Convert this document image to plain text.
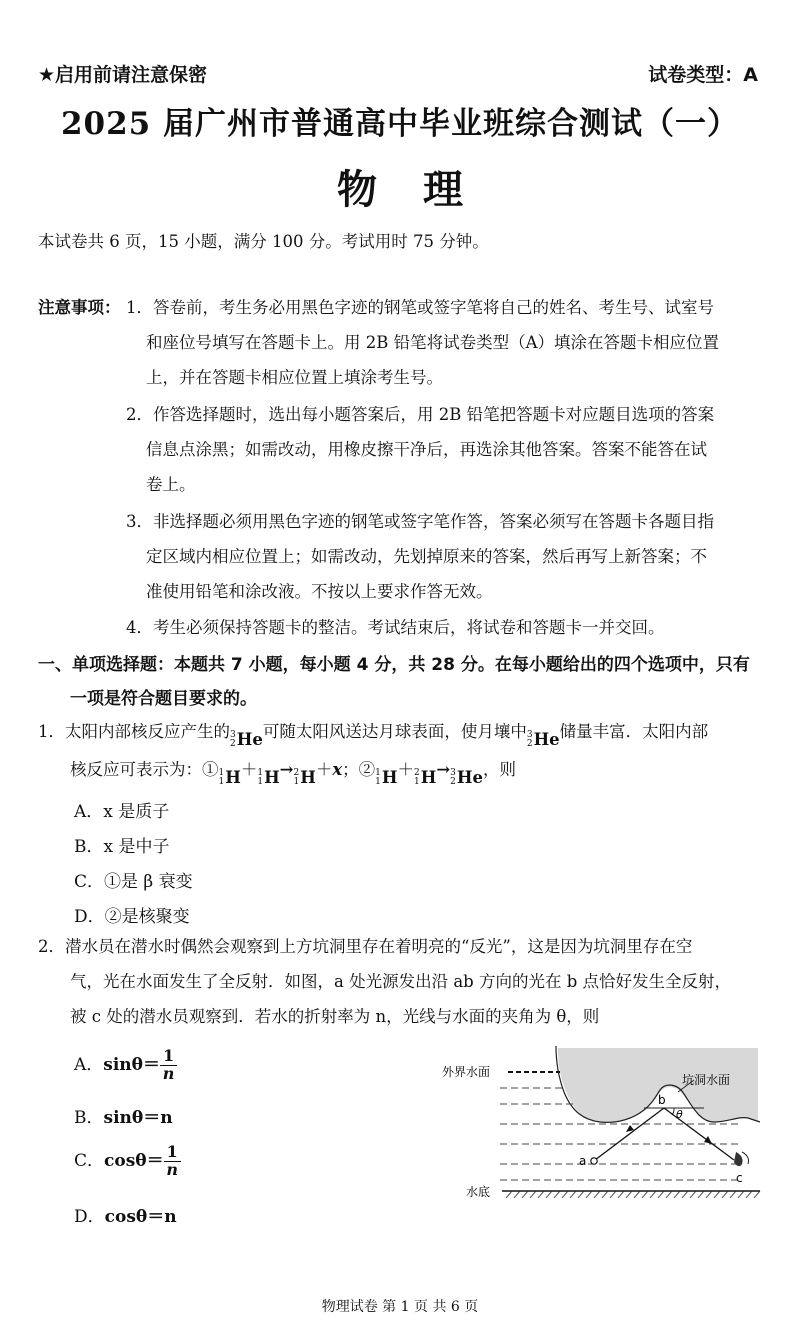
★启用前请注意保密	试卷类型：A
2025 届广州市普通高中毕业班综合测试（一）
物理
本试卷共 6 页，15 小题，满分 100 分。考试用时 75 分钟。
注意事项： 1．答卷前，考生务必用黑色字迹的钢笔或签字笔将自己的姓名、考生号、试室号
和座位号填写在答题卡上。用 2B 铅笔将试卷类型（A）填涂在答题卡相应位置
上，并在答题卡相应位置上填涂考生号。
2．作答选择题时，选出每小题答案后，用 2B 铅笔把答题卡对应题目选项的答案
信息点涂黑；如需改动，用橡皮擦干净后，再选涂其他答案。答案不能答在试
卷上。
3．非选择题必须用黑色字迹的钢笔或签字笔作答，答案必须写在答题卡各题目指
定区域内相应位置上；如需改动，先划掉原来的答案，然后再写上新答案；不
准使用铅笔和涂改液。不按以上要求作答无效。
4．考生必须保持答题卡的整洁。考试结束后，将试卷和答题卡一并交回。
一、单项选择题：本题共 7 小题，每小题 4 分，共 28 分。在每小题给出的四个选项中，只有
一项是符合题目要求的。
1．太阳内部核反应产生的 3
2 He 可随太阳风送达月球表面，使月壤中 3
2 He 储量丰富．太阳内部
核反应可表示为：① 1
1 H ＋ 1
1 H → 2
1 H ＋x；② 1
1 H ＋ 2
1 H → 3
2 He ，则
A．x 是质子
B．x 是中子
C．①是 β 衰变
D．②是核聚变
2．潜水员在潜水时偶然会观察到上方坑洞里存在着明亮的“反光”，这是因为坑洞里存在空
气，光在水面发生了全反射．如图，a 处光源发出沿 ab 方向的光在 b 点恰好发生全反射，
被 c 处的潜水员观察到．若水的折射率为 n，光线与水面的夹角为 θ，则
A．$\sin\theta= \frac{1}{n}$
B．sinθ＝n
C．$\cos\theta= \frac{1}{n}$
D．cosθ＝n
外界水面
坑洞水面
水底
a
b
c
θ
物理试卷 第 1 页 共 6 页
